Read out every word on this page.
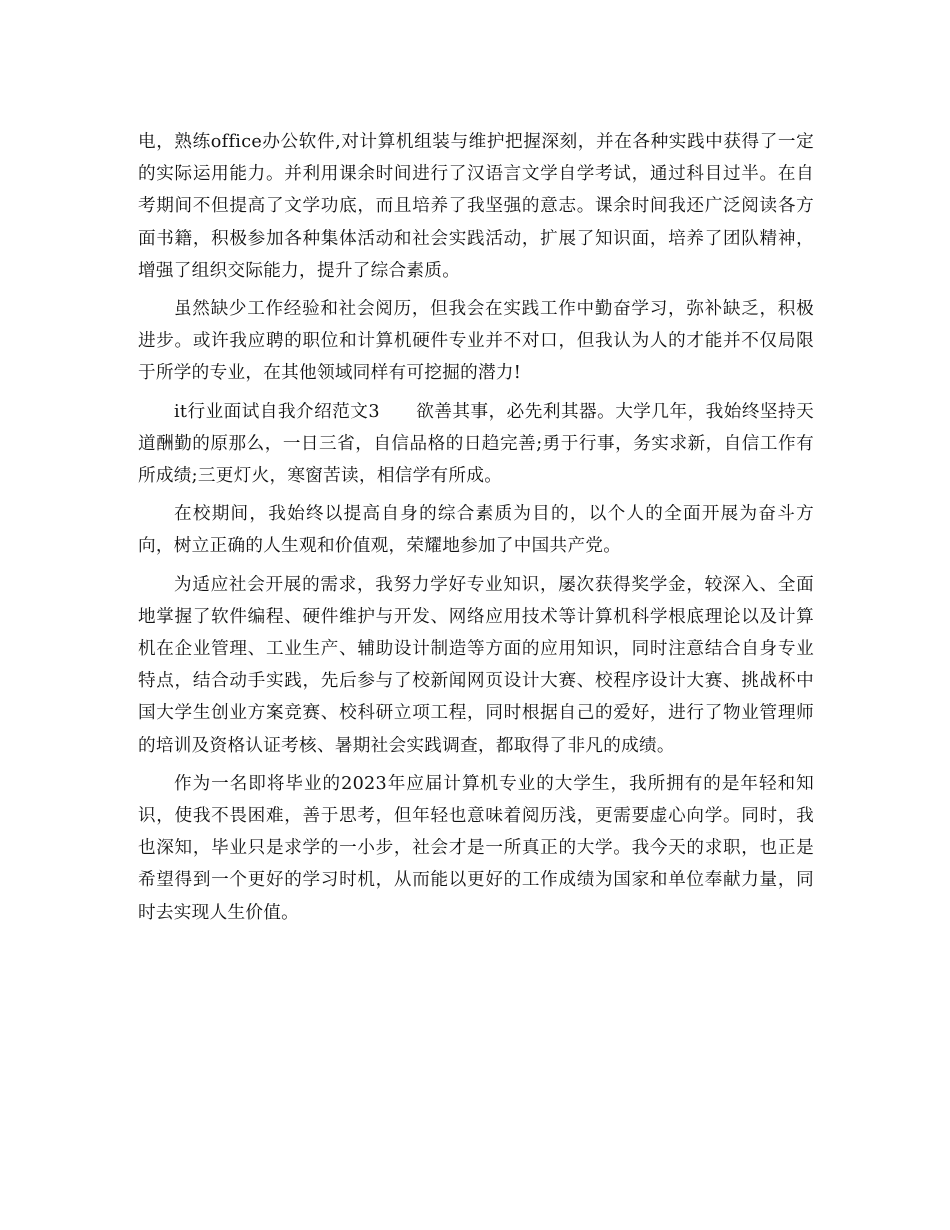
电，熟练office办公软件,对计算机组装与维护把握深刻，并在各种实践中获得了一定的实际运用能力。并利用课余时间进行了汉语言文学自学考试，通过科目过半。在自考期间不但提高了文学功底，而且培养了我坚强的意志。课余时间我还广泛阅读各方面书籍，积极参加各种集体活动和社会实践活动，扩展了知识面，培养了团队精神，增强了组织交际能力，提升了综合素质。

虽然缺少工作经验和社会阅历，但我会在实践工作中勤奋学习，弥补缺乏，积极进步。或许我应聘的职位和计算机硬件专业并不对口，但我认为人的才能并不仅局限于所学的专业，在其他领域同样有可挖掘的潜力!

it行业面试自我介绍范文3　　欲善其事，必先利其器。大学几年，我始终坚持天道酬勤的原那么，一日三省，自信品格的日趋完善;勇于行事，务实求新，自信工作有所成绩;三更灯火，寒窗苦读，相信学有所成。

在校期间，我始终以提高自身的综合素质为目的，以个人的全面开展为奋斗方向，树立正确的人生观和价值观，荣耀地参加了中国共产党。

为适应社会开展的需求，我努力学好专业知识，屡次获得奖学金，较深入、全面地掌握了软件编程、硬件维护与开发、网络应用技术等计算机科学根底理论以及计算机在企业管理、工业生产、辅助设计制造等方面的应用知识，同时注意结合自身专业特点，结合动手实践，先后参与了校新闻网页设计大赛、校程序设计大赛、挑战杯中国大学生创业方案竞赛、校科研立项工程，同时根据自己的爱好，进行了物业管理师的培训及资格认证考核、暑期社会实践调查，都取得了非凡的成绩。

作为一名即将毕业的2023年应届计算机专业的大学生，我所拥有的是年轻和知识，使我不畏困难，善于思考，但年轻也意味着阅历浅，更需要虚心向学。同时，我也深知，毕业只是求学的一小步，社会才是一所真正的大学。我今天的求职，也正是希望得到一个更好的学习时机，从而能以更好的工作成绩为国家和单位奉献力量，同时去实现人生价值。
